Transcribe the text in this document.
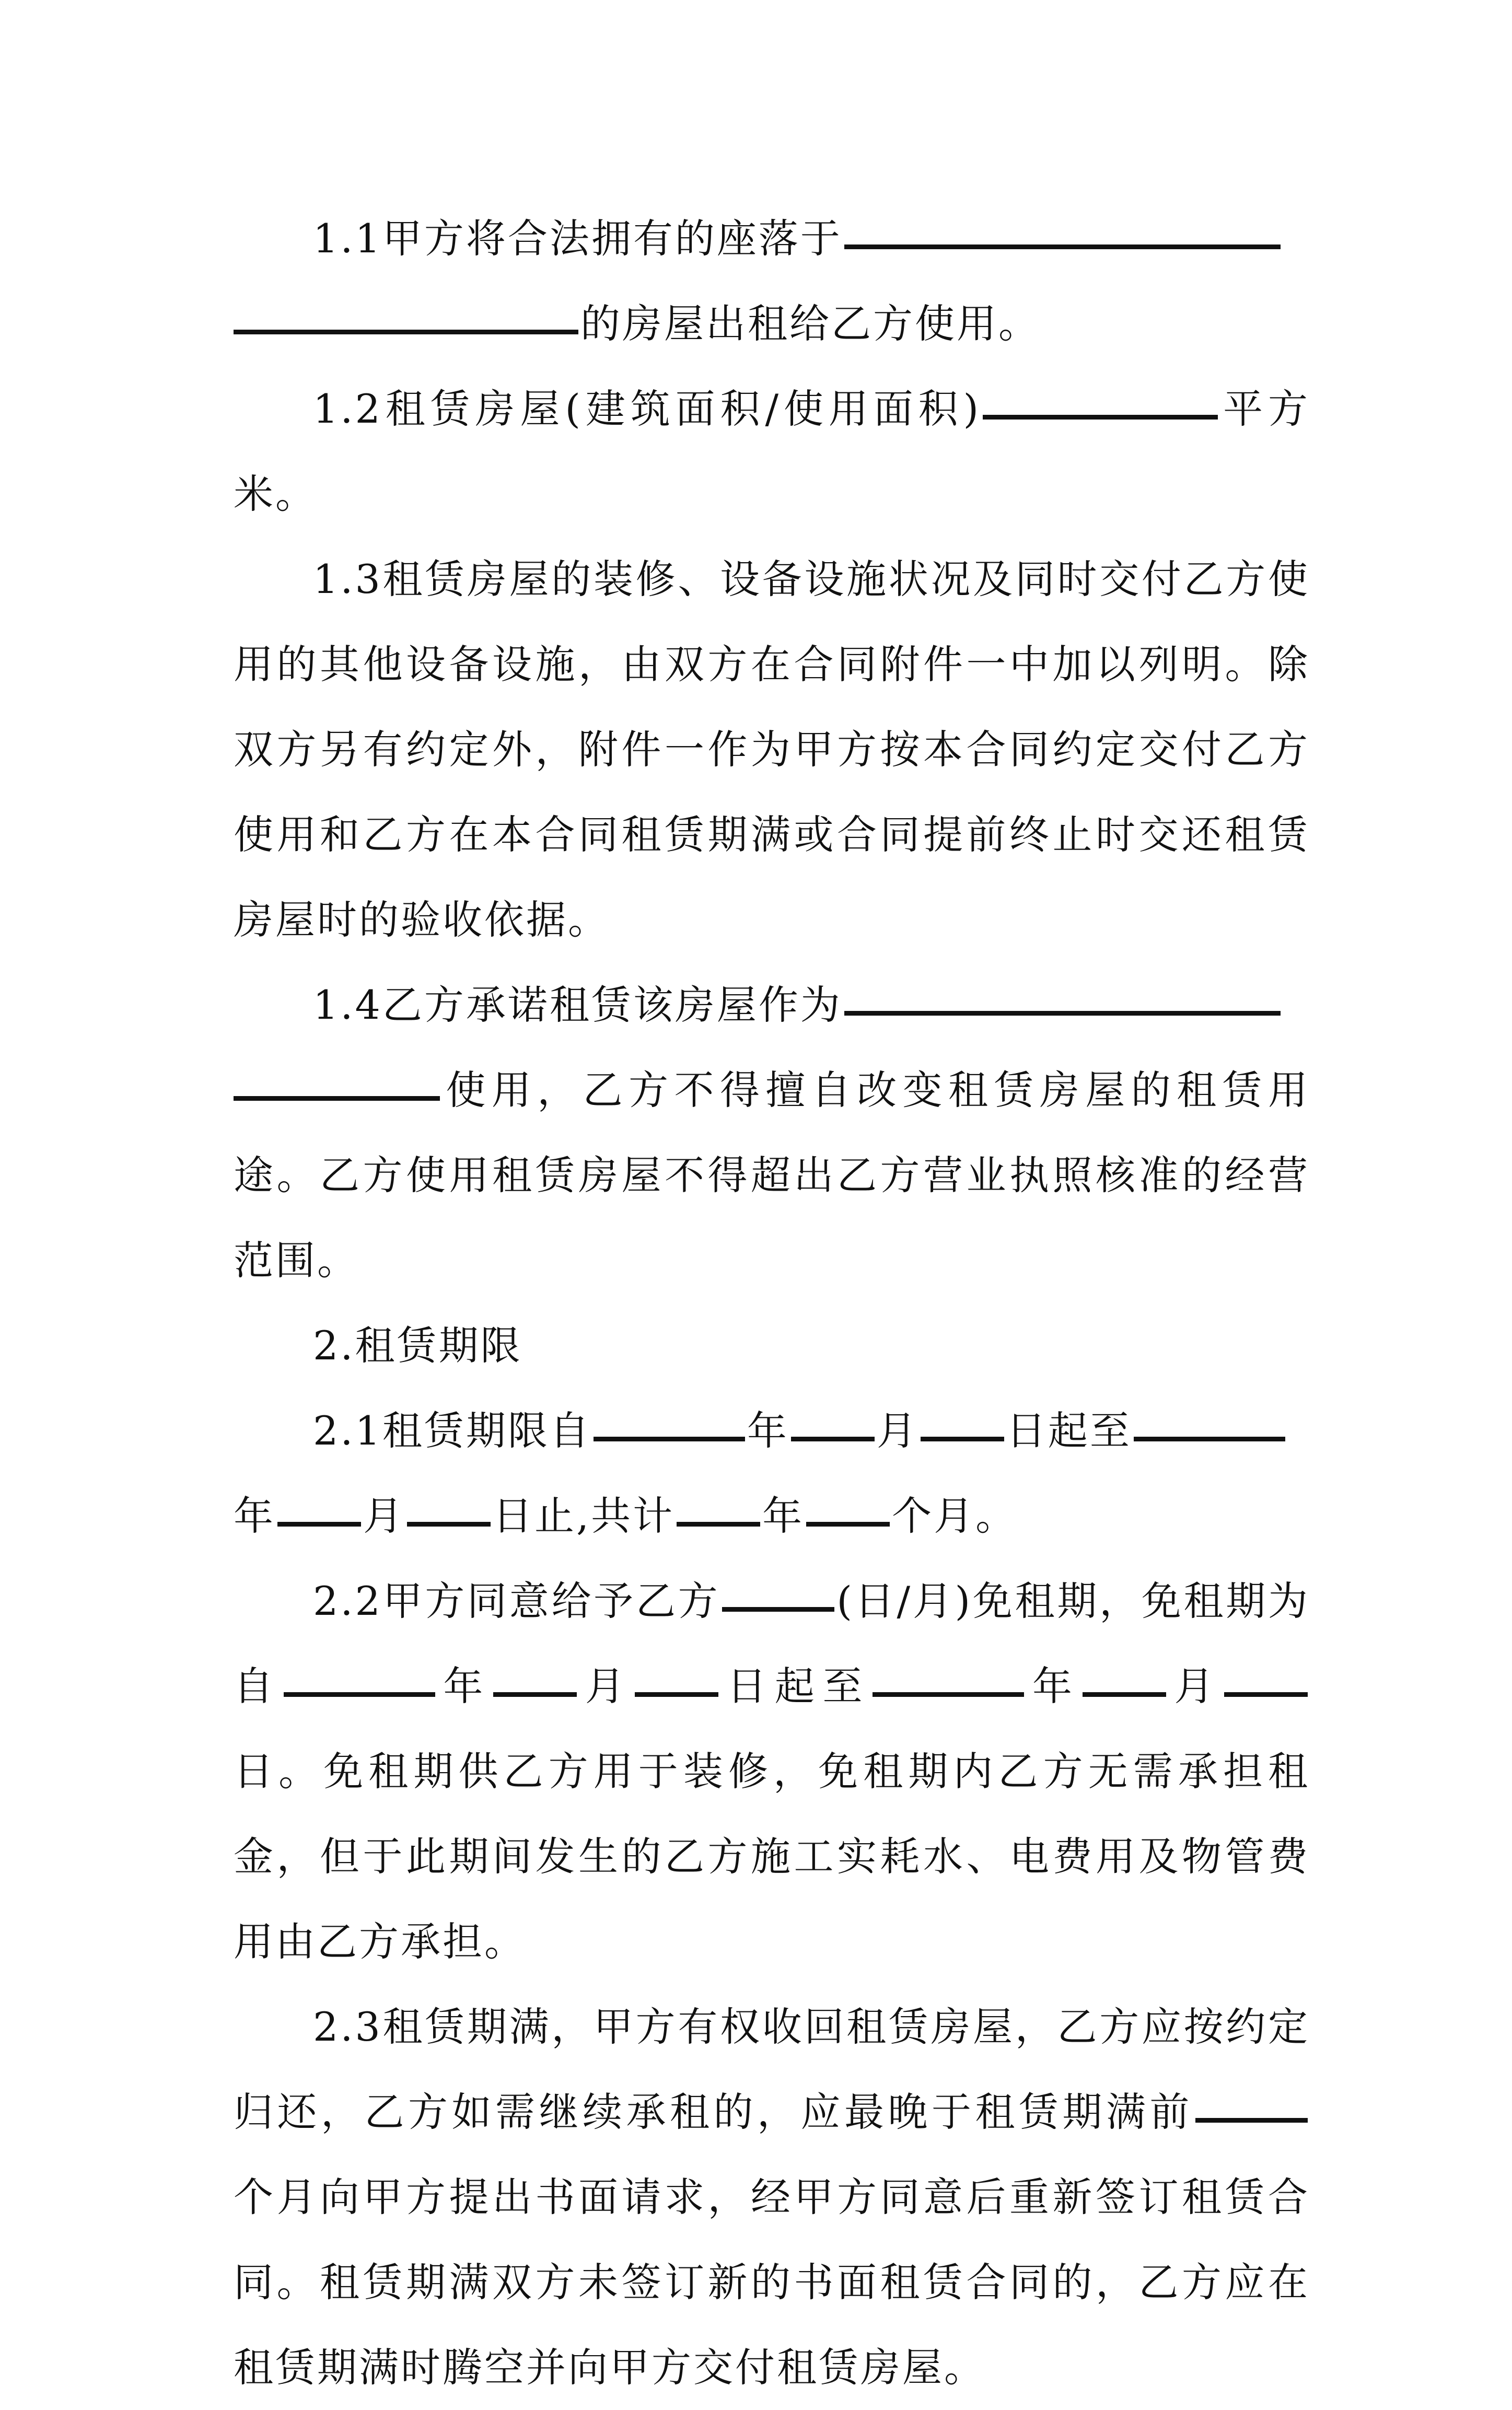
1.1甲方将合法拥有的座落于
的房屋出租给乙方使用。

1.2租赁房屋(建筑面积/使用面积)	平方米。

1.3租赁房屋的装修、设备设施状况及同时交付乙方使用的其他设备设施，由双方在合同附件一中加以列明。除双方另有约定外，附件一作为甲方按本合同约定交付乙方使用和乙方在本合同租赁期满或合同提前终止时交还租赁房屋时的验收依据。

1.4乙方承诺租赁该房屋作为
使用，乙方不得擅自改变租赁房屋的租赁用途。乙方使用租赁房屋不得超出乙方营业执照核准的经营范围。

2.租赁期限

2.1租赁期限自	年 月 日起至
年 月 日止,共计 年 个月。

2.2甲方同意给予乙方	(日/月)免租期，免租期为自	年 月 日起至	年 月日。免租期供乙方用于装修，免租期内乙方无需承担租金，但于此期间发生的乙方施工实耗水、电费用及物管费用由乙方承担。

2.3租赁期满，甲方有权收回租赁房屋，乙方应按约定归还，乙方如需继续承租的，应最晚于租赁期满前个月向甲方提出书面请求，经甲方同意后重新签订租赁合同。租赁期满双方未签订新的书面租赁合同的，乙方应在租赁期满时腾空并向甲方交付租赁房屋。
